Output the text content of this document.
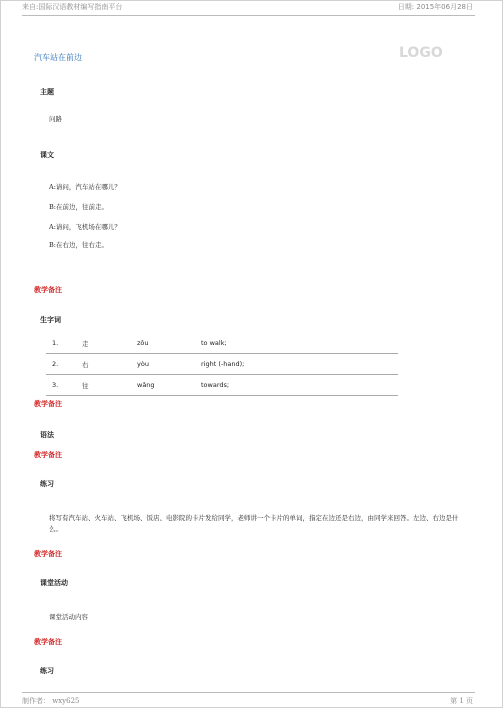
来自:国际汉语教材编写指南平台	日期: 2015年06月28日
汽车站在前边	LOGO
主题
问路
课文
A:请问，汽车站在哪儿？
B:在前边，往前走。
A:请问，飞机场在哪儿？
B:在右边，往右走。
教学备注
生字词
1.	走	zǒu	to walk;
2.	右	yòu	right (-hand);
3.	往	wǎng	towards;
教学备注
语法
教学备注
练习
将写有汽车站、火车站、飞机场、饭店、电影院的卡片发给同学，老师讲一个卡片的单词，指定在边还是右边，由同学来回答。左边、右边是什么。
教学备注
课堂活动
课堂活动内容
教学备注
练习
制作者： wxy625	第 1 页
